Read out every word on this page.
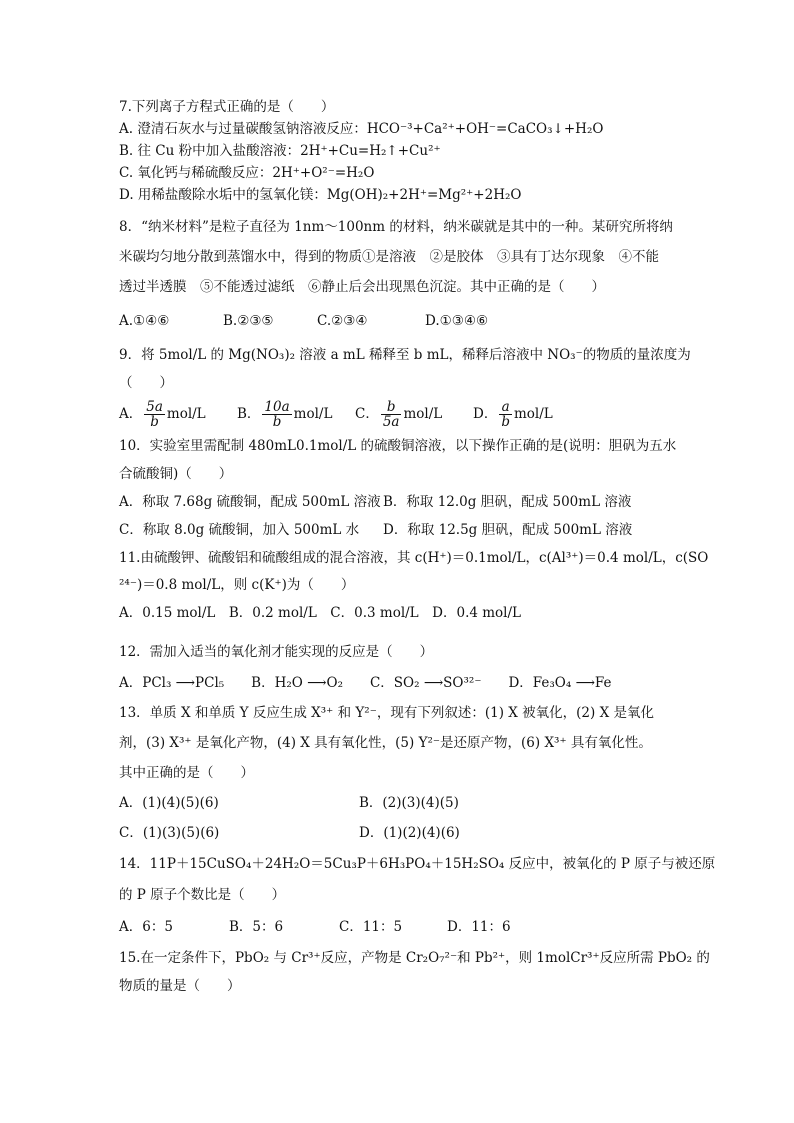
7.下列离子方程式正确的是（　　）
A. 澄清石灰水与过量碳酸氢钠溶液反应：HCO⁻³+Ca²⁺+OH⁻=CaCO₃↓+H₂O
B. 往 Cu 粉中加入盐酸溶液：2H⁺+Cu=H₂↑+Cu²⁺
C. 氧化钙与稀硫酸反应：2H⁺+O²⁻=H₂O
D. 用稀盐酸除水垢中的氢氧化镁：Mg(OH)₂+2H⁺=Mg²⁺+2H₂O
8．“纳米材料”是粒子直径为 1nm～100nm 的材料，纳米碳就是其中的一种。某研究所将纳
米碳均匀地分散到蒸馏水中，得到的物质①是溶液　②是胶体　③具有丁达尔现象　④不能
透过半透膜　⑤不能透过滤纸　⑥静止后会出现黑色沉淀。其中正确的是（　　）
A.①④⑥	B.②③⑤	C.②③④	D.①③④⑥
9．将 5mol/L 的 Mg(NO₃)₂ 溶液 a mL 稀释至 b mL，稀释后溶液中 NO₃⁻的物质的量浓度为
（　　）
A． $\frac{5a}{b} mol/L$ B． $\frac{10a}{b} mol/L$ C． $\frac{b}{5a} mol/L$ D． $\frac{a}{b} mol/L$
10．实验室里需配制 480mL0.1mol/L 的硫酸铜溶液，以下操作正确的是(说明：胆矾为五水
合硫酸铜)（　　）
A．称取 7.68g 硫酸铜，配成 500mL 溶液 B．称取 12.0g 胆矾，配成 500mL 溶液
C．称取 8.0g 硫酸铜，加入 500mL 水 D．称取 12.5g 胆矾，配成 500mL 溶液
11.由硫酸钾、硫酸铝和硫酸组成的混合溶液，其 c(H⁺)＝0.1mol/L，c(Al³⁺)＝0.4 mol/L，c(SO
²⁴⁻)＝0.8 mol/L，则 c(K⁺)为（　　）
A．0.15 mol/L　B．0.2 mol/L　C．0.3 mol/L　D．0.4 mol/L
12．需加入适当的氧化剂才能实现的反应是（　　）
A．PCl₃ ⟶PCl₅　　B．H₂O ⟶O₂　　C．SO₂ ⟶SO³²⁻　　D．Fe₃O₄ ⟶Fe
13．单质 X 和单质 Y 反应生成 X³⁺ 和 Y²⁻，现有下列叙述：(1) X 被氧化，(2) X 是氧化
剂，(3) X³⁺ 是氧化产物，(4) X 具有氧化性，(5) Y²⁻是还原产物，(6) X³⁺ 具有氧化性。
其中正确的是（　　）
A．(1)(4)(5)(6)	B．(2)(3)(4)(5)
C．(1)(3)(5)(6)	D．(1)(2)(4)(6)
14．11P＋15CuSO₄＋24H₂O＝5Cu₃P＋6H₃PO₄＋15H₂SO₄ 反应中，被氧化的 P 原子与被还原
的 P 原子个数比是（　　）
A．6：5	B．5：6	C．11：5	D．11：6
15.在一定条件下，PbO₂ 与 Cr³⁺反应，产物是 Cr₂O₇²⁻和 Pb²⁺，则 1molCr³⁺反应所需 PbO₂ 的
物质的量是（　　）
